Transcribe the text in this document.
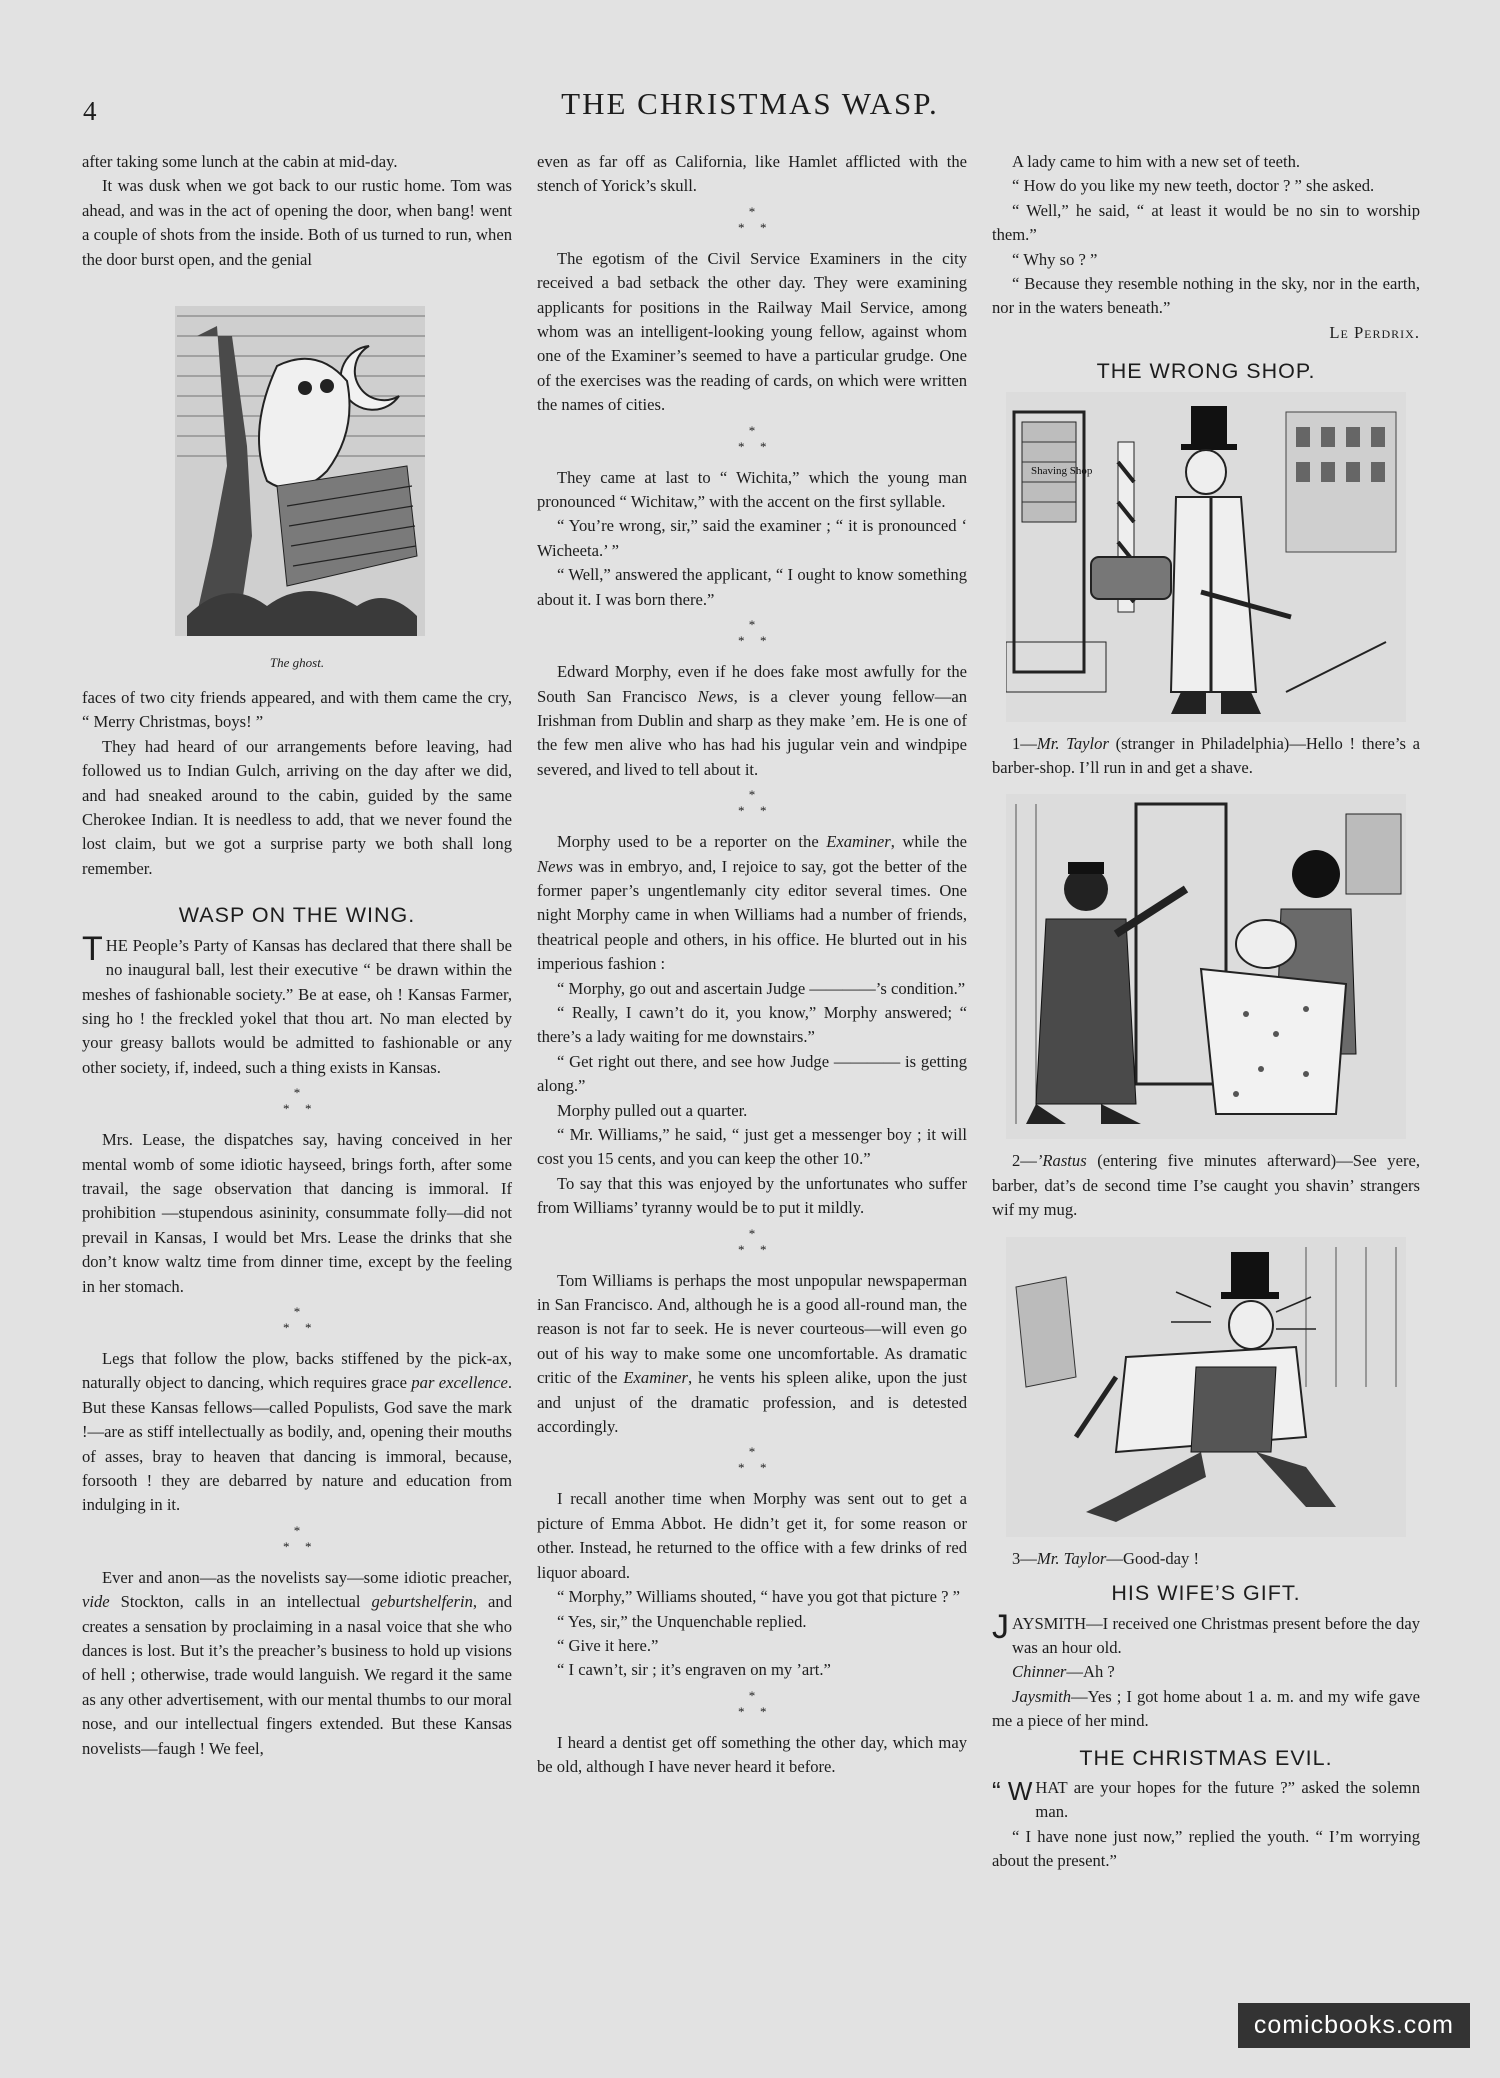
4	THE CHRISTMAS WASP.

after taking some lunch at the cabin at mid-day.

It was dusk when we got back to our rustic home. Tom was ahead, and was in the act of opening the door, when bang! went a couple of shots from the inside. Both of us turned to run, when the door burst open, and the genial

The ghost.

faces of two city friends appeared, and with them came the cry, “ Merry Christmas, boys! ”

They had heard of our arrangements before leaving, had followed us to Indian Gulch, arriving on the day after we did, and had sneaked around to the cabin, guided by the same Cherokee Indian. It is needless to add, that we never found the lost claim, but we got a surprise party we both shall long remember.

WASP ON THE WING.

THE People’s Party of Kansas has declared that there shall be no inaugural ball, lest their executive “ be drawn within the meshes of fashionable society.” Be at ease, oh ! Kansas Farmer, sing ho ! the freckled yokel that thou art. No man elected by your greasy ballots would be admitted to fashionable or any other society, if, indeed, such a thing exists in Kansas.

*
* *

Mrs. Lease, the dispatches say, having conceived in her mental womb of some idiotic hayseed, brings forth, after some travail, the sage observation that dancing is immoral. If prohibition —stupendous asininity, consummate folly—did not prevail in Kansas, I would bet Mrs. Lease the drinks that she don’t know waltz time from dinner time, except by the feeling in her stomach.

*
* *

Legs that follow the plow, backs stiffened by the pick-ax, naturally object to dancing, which requires grace par excellence. But these Kansas fellows—called Populists, God save the mark !—are as stiff intellectually as bodily, and, opening their mouths of asses, bray to heaven that dancing is immoral, because, forsooth ! they are debarred by nature and education from indulging in it.

*
* *

Ever and anon—as the novelists say—some idiotic preacher, vide Stockton, calls in an intellectual geburtshelferin, and creates a sensation by proclaiming in a nasal voice that she who dances is lost. But it’s the preacher’s business to hold up visions of hell ; otherwise, trade would languish. We regard it the same as any other advertisement, with our mental thumbs to our moral nose, and our intellectual fingers extended. But these Kansas novelists—faugh ! We feel,

even as far off as California, like Hamlet afflicted with the stench of Yorick’s skull.

*
* *

The egotism of the Civil Service Examiners in the city received a bad setback the other day. They were examining applicants for positions in the Railway Mail Service, among whom was an intelligent-looking young fellow, against whom one of the Examiner’s seemed to have a particular grudge. One of the exercises was the reading of cards, on which were written the names of cities.

*
* *

They came at last to “ Wichita,” which the young man pronounced “ Wichitaw,” with the accent on the first syllable.

“ You’re wrong, sir,” said the examiner ; “ it is pronounced ‘ Wicheeta.’ ”

“ Well,” answered the applicant, “ I ought to know something about it. I was born there.”

*
* *

Edward Morphy, even if he does fake most awfully for the South San Francisco News, is a clever young fellow—an Irishman from Dublin and sharp as they make ’em. He is one of the few men alive who has had his jugular vein and windpipe severed, and lived to tell about it.

*
* *

Morphy used to be a reporter on the Examiner, while the News was in embryo, and, I rejoice to say, got the better of the former paper’s ungentlemanly city editor several times. One night Morphy came in when Williams had a number of friends, theatrical people and others, in his office. He blurted out in his imperious fashion :

“ Morphy, go out and ascertain Judge ————’s condition.”

“ Really, I cawn’t do it, you know,” Morphy answered; “ there’s a lady waiting for me downstairs.”

“ Get right out there, and see how Judge ———— is getting along.”

Morphy pulled out a quarter.

“ Mr. Williams,” he said, “ just get a messenger boy ; it will cost you 15 cents, and you can keep the other 10.”

To say that this was enjoyed by the unfortunates who suffer from Williams’ tyranny would be to put it mildly.

*
* *

Tom Williams is perhaps the most unpopular newspaperman in San Francisco. And, although he is a good all-round man, the reason is not far to seek. He is never courteous—will even go out of his way to make some one uncomfortable. As dramatic critic of the Examiner, he vents his spleen alike, upon the just and unjust of the dramatic profession, and is detested accordingly.

*
* *

I recall another time when Morphy was sent out to get a picture of Emma Abbot. He didn’t get it, for some reason or other. Instead, he returned to the office with a few drinks of red liquor aboard.

“ Morphy,” Williams shouted, “ have you got that picture ? ”

“ Yes, sir,” the Unquenchable replied.

“ Give it here.”

“ I cawn’t, sir ; it’s engraven on my ’art.”

*
* *

I heard a dentist get off something the other day, which may be old, although I have never heard it before.

A lady came to him with a new set of teeth.

“ How do you like my new teeth, doctor ? ” she asked.

“ Well,” he said, “ at least it would be no sin to worship them.”

“ Why so ? ”

“ Because they resemble nothing in the sky, nor in the earth, nor in the waters beneath.”

Le Perdrix.
THE WRONG SHOP.
Shaving Shop

1—Mr. Taylor (stranger in Philadelphia)—Hello ! there’s a barber-shop. I’ll run in and get a shave.

2—’Rastus (entering five minutes afterward)—See yere, barber, dat’s de second time I’se caught you shavin’ strangers wif my mug.

3—Mr. Taylor—Good-day !

HIS WIFE’S GIFT.

JAYSMITH—I received one Christmas present before the day was an hour old.

Chinner—Ah ?

Jaysmith—Yes ; I got home about 1 a. m. and my wife gave me a piece of her mind.

THE CHRISTMAS EVIL.

“ W HAT are your hopes for the future ?” asked the solemn man.

“ I have none just now,” replied the youth. “ I’m worrying about the present.”

comicbooks.com
